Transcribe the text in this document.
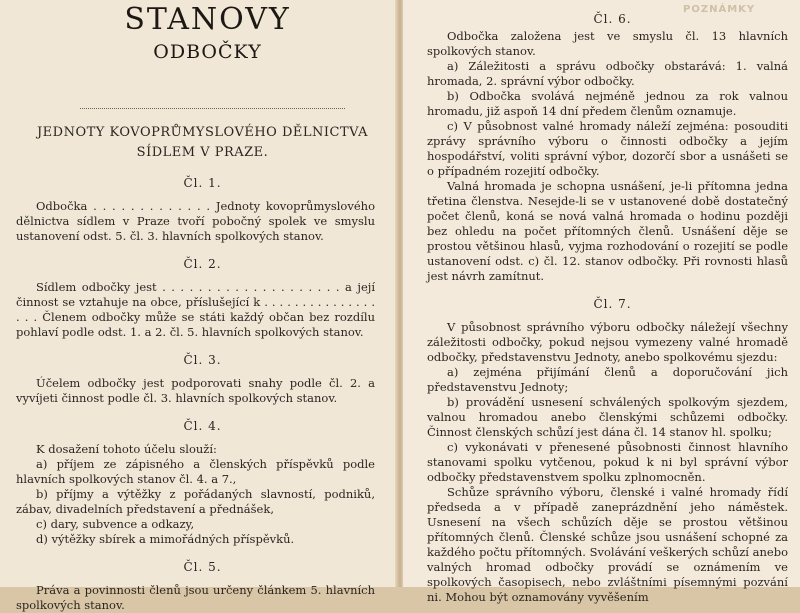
STANOVY
ODBOČKY
JEDNOTY KOVOPRŮMYSLOVÉHO DĚLNICTVA
SÍDLEM V PRAZE.
Čl. 1.

Odbočka . . . . . . . . . . . . . Jednoty kovoprůmyslového dělnictva sídlem v Praze tvoří pobočný spolek ve smyslu ustanovení odst. 5. čl. 3. hlavních spolkových stanov.

Čl. 2.

Sídlem odbočky jest . . . . . . . . . . . . . . . . . . . . a její činnost se vztahuje na obce, příslušející k . . . . . . . . . . . . . . . . . . Členem odbočky může se státi každý občan bez rozdílu pohlaví podle odst. 1. a 2. čl. 5. hlavních spolkových stanov.

Čl. 3.

Účelem odbočky jest podporovati snahy podle čl. 2. a vyvíjeti činnost podle čl. 3. hlavních spolkových stanov.

Čl. 4.

K dosažení tohoto účelu slouží:

a) příjem ze zápisného a členských příspěvků podle hlavních spolkových stanov čl. 4. a 7.,

b) příjmy a výtěžky z pořádaných slavností, podniků, zábav, divadelních představení a přednášek,

c) dary, subvence a odkazy,

d) výtěžky sbírek a mimořádných příspěvků.

Čl. 5.

Práva a povinnosti členů jsou určeny článkem 5. hlavních spolkových stanov.

POZNÁMKY
Čl. 6.

Odbočka založena jest ve smyslu čl. 13 hlavních spolkových stanov.

a) Záležitosti a správu odbočky obstarává: 1. valná hromada, 2. správní výbor odbočky.

b) Odbočka svolává nejméně jednou za rok valnou hromadu, již aspoň 14 dní předem členům oznamuje.

c) V působnost valné hromady náleží zejména: posouditi zprávy správního výboru o činnosti odbočky a jejím hospodářství, voliti správní výbor, dozorčí sbor a usnášeti se o případném rozejití odbočky.

Valná hromada je schopna usnášení, je-li přítomna jedna třetina členstva. Nesejde-li se v ustanovené době dostatečný počet členů, koná se nová valná hromada o hodinu později bez ohledu na počet přítomných členů. Usnášení děje se prostou většinou hlasů, vyjma rozhodování o rozejití se podle ustanovení odst. c) čl. 12. stanov odbočky. Při rovnosti hlasů jest návrh zamítnut.

Čl. 7.

V působnost správního výboru odbočky náležejí všechny záležitosti odbočky, pokud nejsou vymezeny valné hromadě odbočky, představenstvu Jednoty, anebo spolkovému sjezdu:

a) zejména přijímání členů a doporučování jich představenstvu Jednoty;

b) provádění usnesení schválených spolkovým sjezdem, valnou hromadou anebo členskými schůzemi odbočky. Činnost členských schůzí jest dána čl. 14 stanov hl. spolku;

c) vykonávati v přenesené působnosti činnost hlavního stanovami spolku vytčenou, pokud k ni byl správní výbor odbočky představenstvem spolku zplnomocněn.

Schůze správního výboru, členské i valné hromady řídí předseda a v případě zaneprázdnění jeho náměstek. Usnesení na všech schůzích děje se prostou většinou přítomných členů. Členské schůze jsou usnášení schopné za každého počtu přítomných. Svolávání veškerých schůzí anebo valných hromad odbočky provádí se oznámením ve spolkových časopisech, nebo zvláštními písemnými pozvání ni. Mohou být oznamovány vyvěšením
